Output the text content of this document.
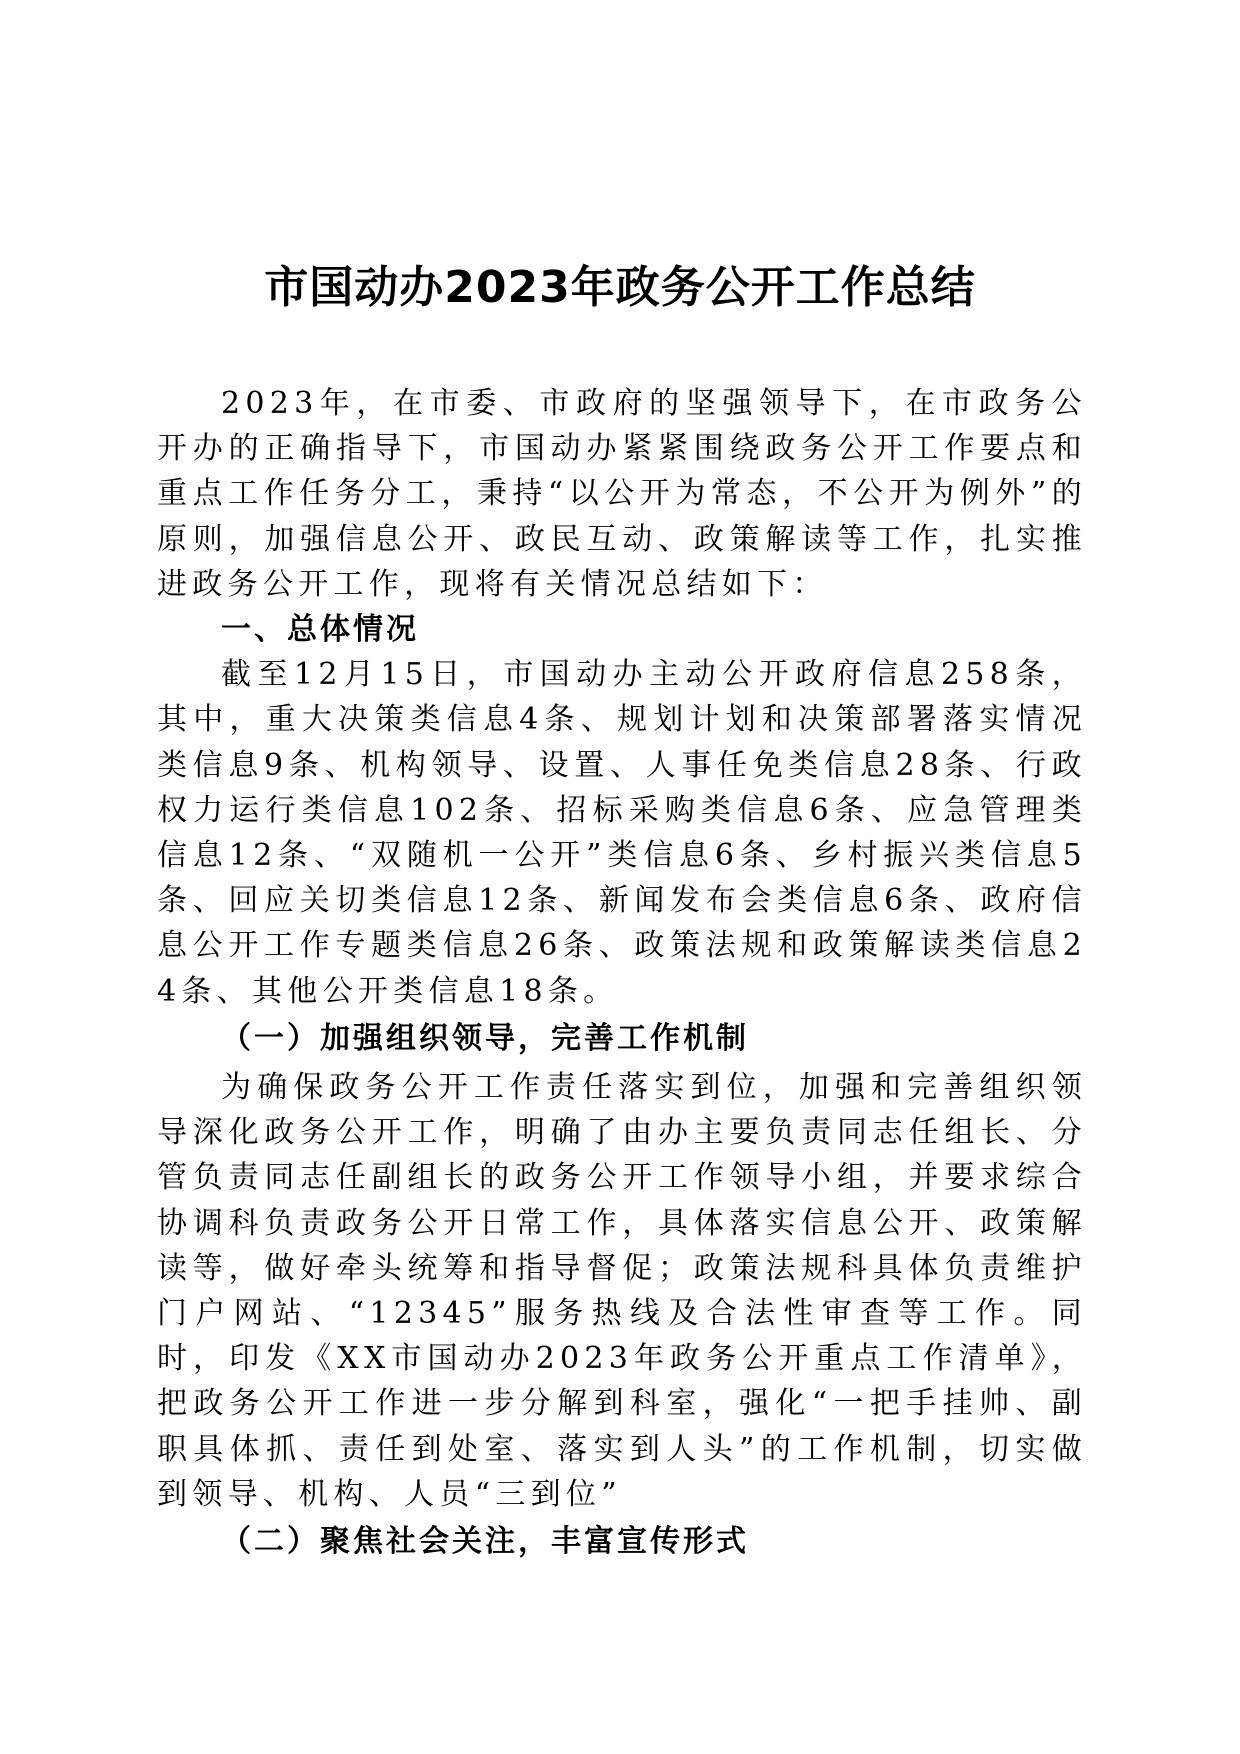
市国动办2023年政务公开工作总结

2023年，在市委、市政府的坚强领导下，在市政务公开办的正确指导下，市国动办紧紧围绕政务公开工作要点和重点工作任务分工，秉持“以公开为常态，不公开为例外”的原则，加强信息公开、政民互动、政策解读等工作，扎实推进政务公开工作，现将有关情况总结如下：

一、总体情况

截至12月15日，市国动办主动公开政府信息258条，其中，重大决策类信息4条、规划计划和决策部署落实情况类信息9条、机构领导、设置、人事任免类信息28条、行政权力运行类信息102条、招标采购类信息6条、应急管理类信息12条、“双随机一公开”类信息6条、乡村振兴类信息5条、回应关切类信息12条、新闻发布会类信息6条、政府信息公开工作专题类信息26条、政策法规和政策解读类信息24条、其他公开类信息18条。

（一）加强组织领导，完善工作机制

为确保政务公开工作责任落实到位，加强和完善组织领导深化政务公开工作，明确了由办主要负责同志任组长、分管负责同志任副组长的政务公开工作领导小组，并要求综合协调科负责政务公开日常工作，具体落实信息公开、政策解读等，做好牵头统筹和指导督促；政策法规科具体负责维护门户网站、“12345”服务热线及合法性审查等工作。同时，印发《XX市国动办2023年政务公开重点工作清单》，把政务公开工作进一步分解到科室，强化“一把手挂帅、副职具体抓、责任到处室、落实到人头”的工作机制，切实做到领导、机构、人员“三到位”

（二）聚焦社会关注，丰富宣传形式
